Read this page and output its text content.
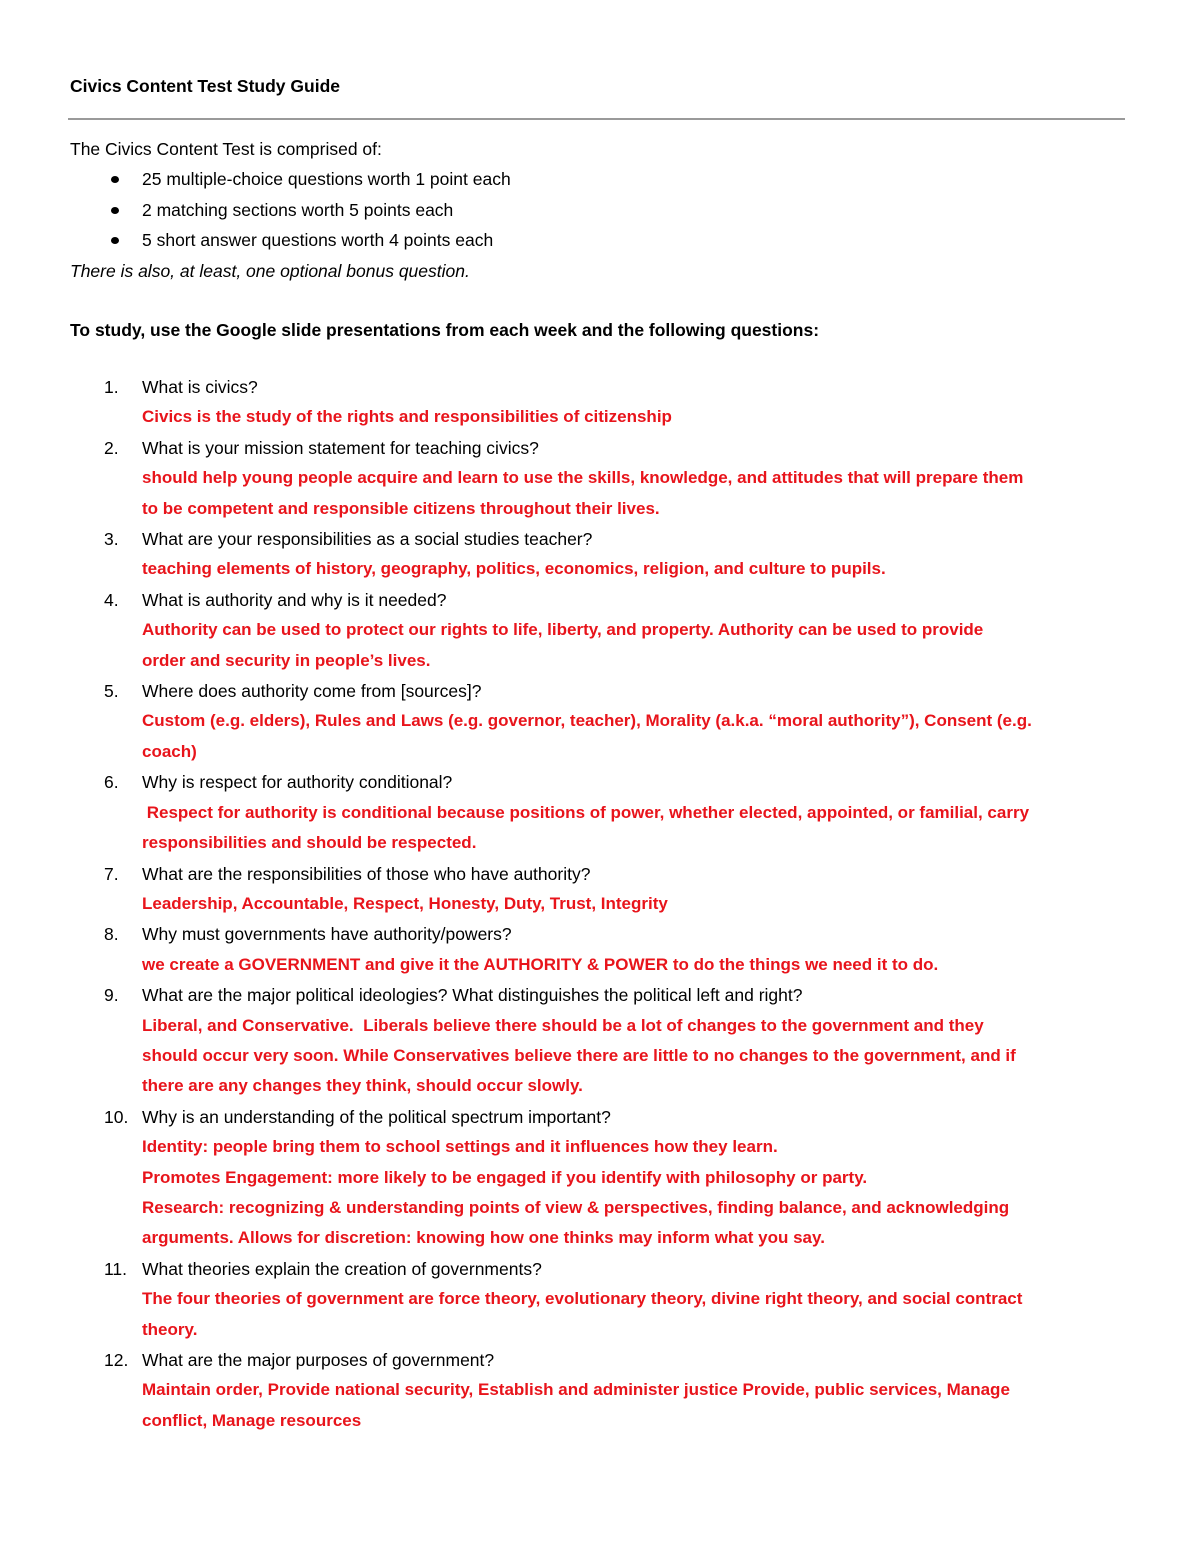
Civics Content Test Study Guide
The Civics Content Test is comprised of:
25 multiple-choice questions worth 1 point each
2 matching sections worth 5 points each
5 short answer questions worth 4 points each
There is also, at least, one optional bonus question.
To study, use the Google slide presentations from each week and the following questions:
1. What is civics?
Civics is the study of the rights and responsibilities of citizenship
2. What is your mission statement for teaching civics?
should help young people acquire and learn to use the skills, knowledge, and attitudes that will prepare them
to be competent and responsible citizens throughout their lives.
3. What are your responsibilities as a social studies teacher?
teaching elements of history, geography, politics, economics, religion, and culture to pupils.
4. What is authority and why is it needed?
Authority can be used to protect our rights to life, liberty, and property. Authority can be used to provide
order and security in people’s lives.
5. Where does authority come from [sources]?
Custom (e.g. elders), Rules and Laws (e.g. governor, teacher), Morality (a.k.a. “moral authority”), Consent (e.g.
coach)
6. Why is respect for authority conditional?
Respect for authority is conditional because positions of power, whether elected, appointed, or familial, carry
responsibilities and should be respected.
7. What are the responsibilities of those who have authority?
Leadership, Accountable, Respect, Honesty, Duty, Trust, Integrity
8. Why must governments have authority/powers?
we create a GOVERNMENT and give it the AUTHORITY & POWER to do the things we need it to do.
9. What are the major political ideologies? What distinguishes the political left and right?
Liberal, and Conservative.  Liberals believe there should be a lot of changes to the government and they
should occur very soon. While Conservatives believe there are little to no changes to the government, and if
there are any changes they think, should occur slowly.
10. Why is an understanding of the political spectrum important?
Identity: people bring them to school settings and it influences how they learn.
Promotes Engagement: more likely to be engaged if you identify with philosophy or party.
Research: recognizing & understanding points of view & perspectives, finding balance, and acknowledging
arguments. Allows for discretion: knowing how one thinks may inform what you say.
11. What theories explain the creation of governments?
The four theories of government are force theory, evolutionary theory, divine right theory, and social contract
theory.
12. What are the major purposes of government?
Maintain order, Provide national security, Establish and administer justice Provide, public services, Manage
conflict, Manage resources
